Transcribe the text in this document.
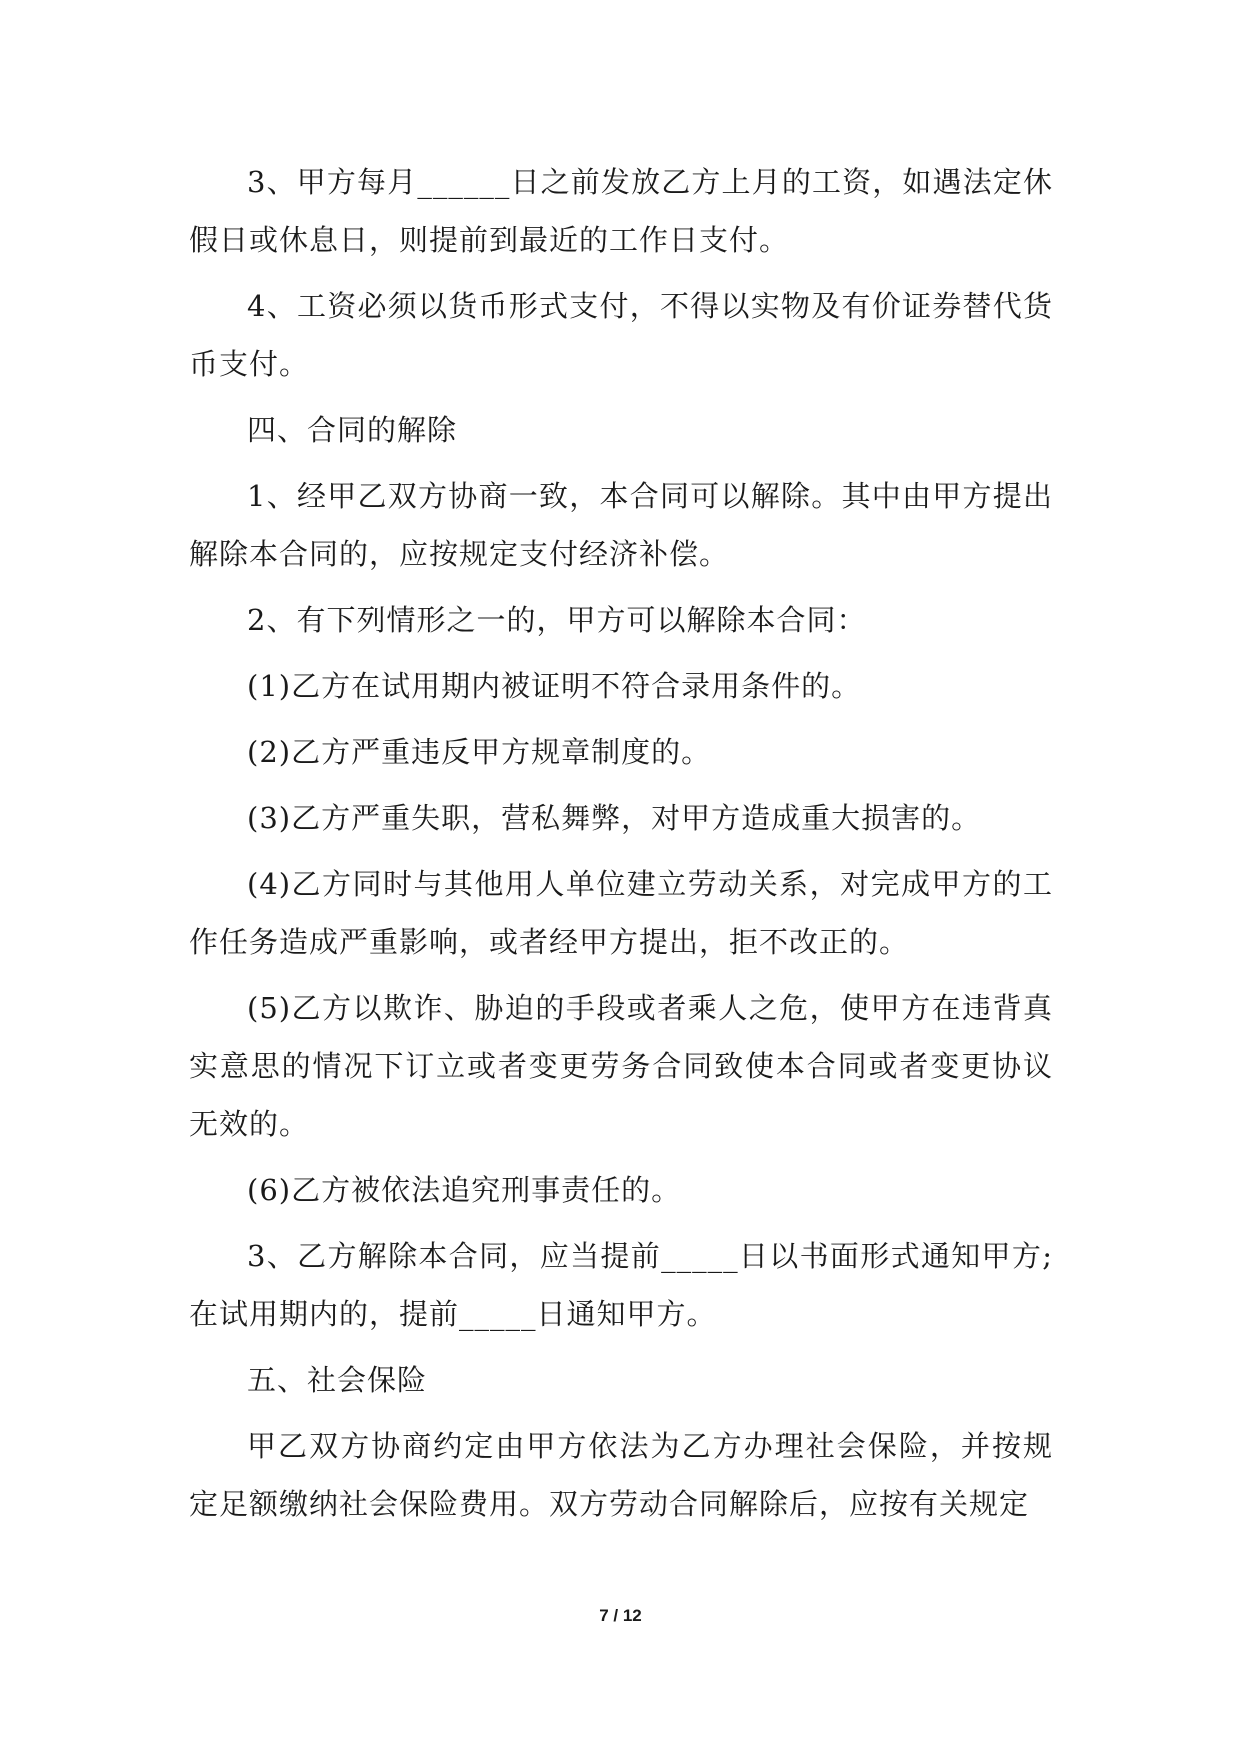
3、甲方每月______日之前发放乙方上月的工资，如遇法定休假日或休息日，则提前到最近的工作日支付。

4、工资必须以货币形式支付，不得以实物及有价证券替代货币支付。

四、合同的解除

1、经甲乙双方协商一致，本合同可以解除。其中由甲方提出解除本合同的，应按规定支付经济补偿。

2、有下列情形之一的，甲方可以解除本合同：

(1)乙方在试用期内被证明不符合录用条件的。

(2)乙方严重违反甲方规章制度的。

(3)乙方严重失职，营私舞弊，对甲方造成重大损害的。

(4)乙方同时与其他用人单位建立劳动关系，对完成甲方的工作任务造成严重影响，或者经甲方提出，拒不改正的。

(5)乙方以欺诈、胁迫的手段或者乘人之危，使甲方在违背真实意思的情况下订立或者变更劳务合同致使本合同或者变更协议无效的。

(6)乙方被依法追究刑事责任的。

3、乙方解除本合同，应当提前_____日以书面形式通知甲方;在试用期内的，提前_____日通知甲方。

五、社会保险

甲乙双方协商约定由甲方依法为乙方办理社会保险，并按规定足额缴纳社会保险费用。双方劳动合同解除后，应按有关规定

7 / 12
